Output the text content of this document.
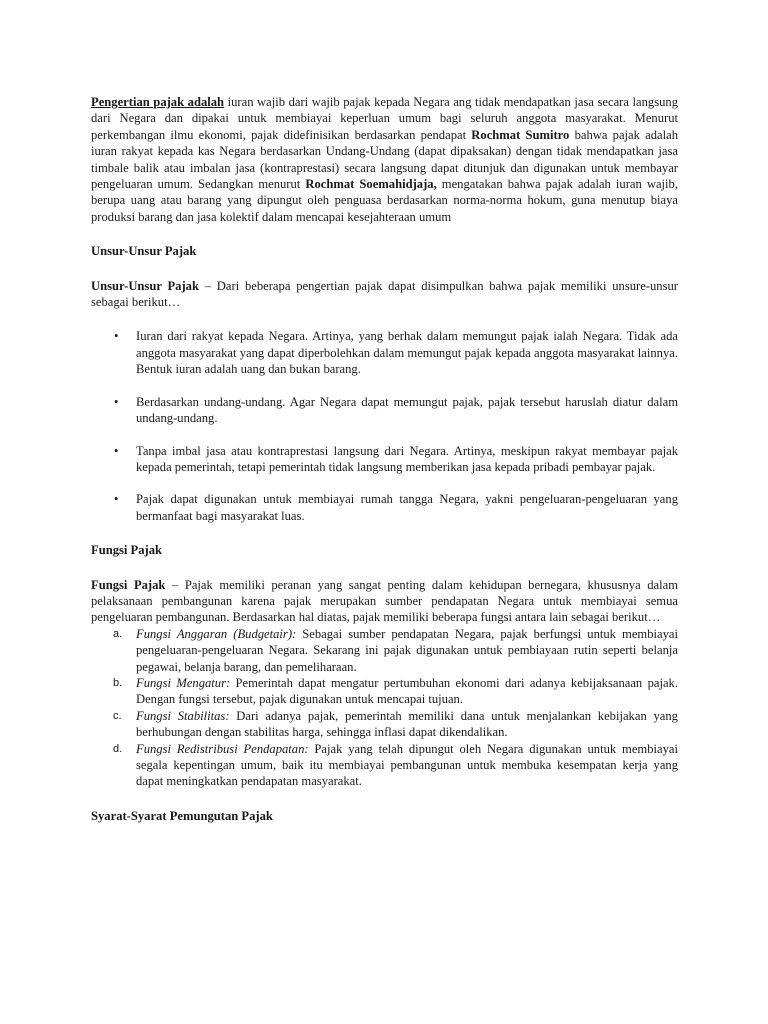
Pengertian pajak adalah iuran wajib dari wajib pajak kepada Negara ang tidak mendapatkan jasa secara langsung dari Negara dan dipakai untuk membiayai keperluan umum bagi seluruh anggota masyarakat. Menurut perkembangan ilmu ekonomi, pajak didefinisikan berdasarkan pendapat Rochmat Sumitro bahwa pajak adalah iuran rakyat kepada kas Negara berdasarkan Undang-Undang (dapat dipaksakan) dengan tidak mendapatkan jasa timbale balik atau imbalan jasa (kontraprestasi) secara langsung dapat ditunjuk dan digunakan untuk membayar pengeluaran umum. Sedangkan menurut Rochmat Soemahidjaja, mengatakan bahwa pajak adalah iuran wajib, berupa uang atau barang yang dipungut oleh penguasa berdasarkan norma-norma hokum, guna menutup biaya produksi barang dan jasa kolektif dalam mencapai kesejahteraan umum

Unsur-Unsur Pajak

Unsur-Unsur Pajak – Dari beberapa pengertian pajak dapat disimpulkan bahwa pajak memiliki unsure-unsur sebagai berikut…

• Iuran dari rakyat kepada Negara. Artinya, yang berhak dalam memungut pajak ialah Negara. Tidak ada anggota masyarakat yang dapat diperbolehkan dalam memungut pajak kepada anggota masyarakat lainnya. Bentuk iuran adalah uang dan bukan barang.
• Berdasarkan undang-undang. Agar Negara dapat memungut pajak, pajak tersebut haruslah diatur dalam undang-undang.
• Tanpa imbal jasa atau kontraprestasi langsung dari Negara. Artinya, meskipun rakyat membayar pajak kepada pemerintah, tetapi pemerintah tidak langsung memberikan jasa kepada pribadi pembayar pajak.
• Pajak dapat digunakan untuk membiayai rumah tangga Negara, yakni pengeluaran-pengeluaran yang bermanfaat bagi masyarakat luas.
Fungsi Pajak

Fungsi Pajak – Pajak memiliki peranan yang sangat penting dalam kehidupan bernegara, khususnya dalam pelaksanaan pembangunan karena pajak merupakan sumber pendapatan Negara untuk membiayai semua pengeluaran pembangunan. Berdasarkan hal diatas, pajak memiliki beberapa fungsi antara lain sebagai berikut…

a. Fungsi Anggaran (Budgetair): Sebagai sumber pendapatan Negara, pajak berfungsi untuk membiayai pengeluaran-pengeluaran Negara. Sekarang ini pajak digunakan untuk pembiayaan rutin seperti belanja pegawai, belanja barang, dan pemeliharaan.
b. Fungsi Mengatur: Pemerintah dapat mengatur pertumbuhan ekonomi dari adanya kebijaksanaan pajak. Dengan fungsi tersebut, pajak digunakan untuk mencapai tujuan.
c. Fungsi Stabilitas: Dari adanya pajak, pemerintah memiliki dana untuk menjalankan kebijakan yang berhubungan dengan stabilitas harga, sehingga inflasi dapat dikendalikan.
d. Fungsi Redistribusi Pendapatan: Pajak yang telah dipungut oleh Negara digunakan untuk membiayai segala kepentingan umum, baik itu membiayai pembangunan untuk membuka kesempatan kerja yang dapat meningkatkan pendapatan masyarakat.
Syarat-Syarat Pemungutan Pajak
